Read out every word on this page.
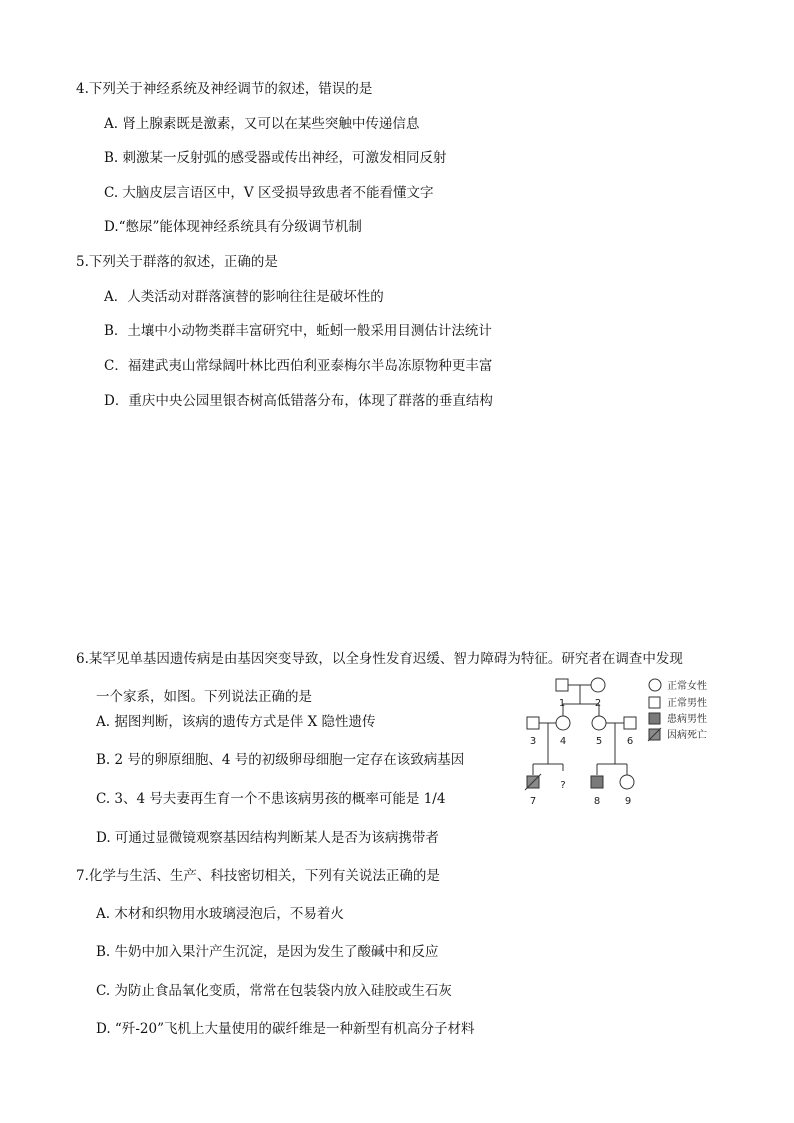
4.下列关于神经系统及神经调节的叙述，错误的是
A. 肾上腺素既是激素，又可以在某些突触中传递信息
B. 刺激某一反射弧的感受器或传出神经，可激发相同反射
C. 大脑皮层言语区中，V 区受损导致患者不能看懂文字
D.“憋尿”能体现神经系统具有分级调节机制
5.下列关于群落的叙述，正确的是
A．人类活动对群落演替的影响往往是破坏性的
B．土壤中小动物类群丰富研究中，蚯蚓一般采用目测估计法统计
C．福建武夷山常绿阔叶林比西伯利亚泰梅尔半岛冻原物种更丰富
D．重庆中央公园里银杏树高低错落分布，体现了群落的垂直结构
6.某罕见单基因遗传病是由基因突变导致，以全身性发育迟缓、智力障碍为特征。研究者在调查中发现
一个家系，如图。下列说法正确的是
A. 据图判断，该病的遗传方式是伴 X 隐性遗传
B. 2 号的卵原细胞、4 号的初级卵母细胞一定存在该致病基因
C. 3、4 号夫妻再生育一个不患该病男孩的概率可能是 1/4
D. 可通过显微镜观察基因结构判断某人是否为该病携带者
1	2
3 4	5 6
7
?
8 9
正常女性
正常男性
患病男性
因病死亡
7.化学与生活、生产、科技密切相关，下列有关说法正确的是
A. 木材和织物用水玻璃浸泡后，不易着火
B. 牛奶中加入果汁产生沉淀，是因为发生了酸碱中和反应
C. 为防止食品氧化变质，常常在包装袋内放入硅胶或生石灰
D. “歼-20”飞机上大量使用的碳纤维是一种新型有机高分子材料
